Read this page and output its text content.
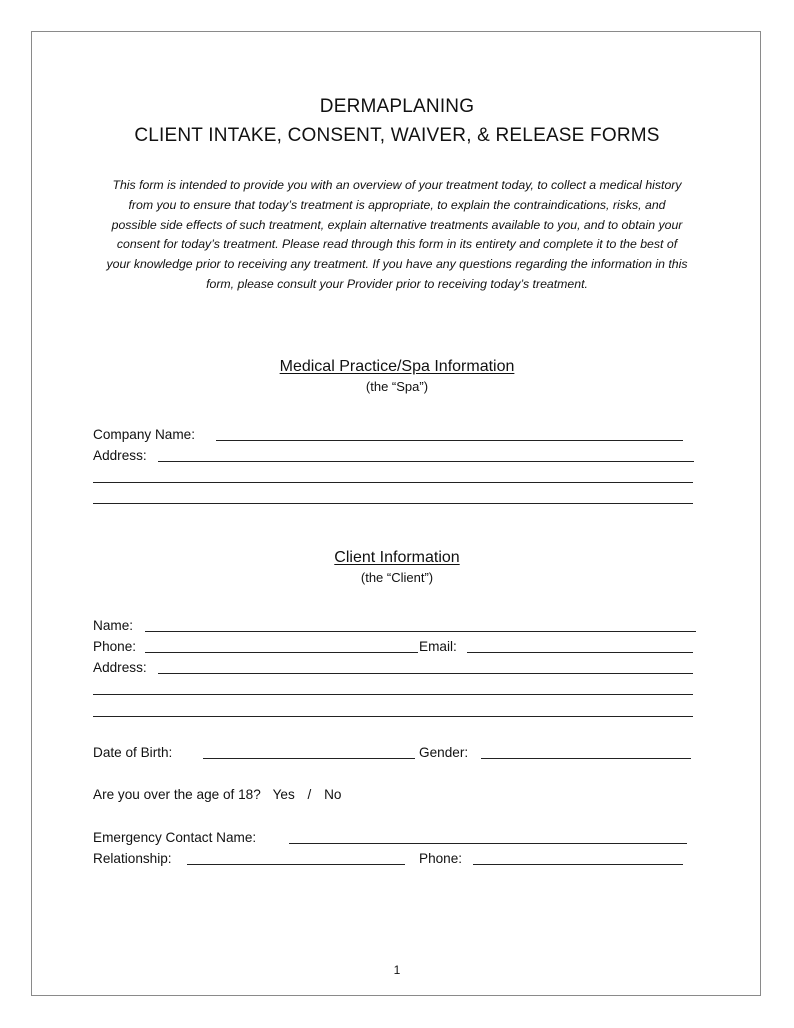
DERMAPLANING
CLIENT INTAKE, CONSENT, WAIVER, & RELEASE FORMS
This form is intended to provide you with an overview of your treatment today, to collect a medical history from you to ensure that today’s treatment is appropriate, to explain the contraindications, risks, and possible side effects of such treatment, explain alternative treatments available to you, and to obtain your consent for today’s treatment. Please read through this form in its entirety and complete it to the best of your knowledge prior to receiving any treatment. If you have any questions regarding the information in this form, please consult your Provider prior to receiving today’s treatment.
Medical Practice/Spa Information
(the “Spa”)
Company Name:
Address:
Client Information
(the “Client”)
Name:
Phone:	Email:
Address:
Date of Birth:	Gender:
Are you over the age of 18? Yes / No
Emergency Contact Name:
Relationship:	Phone:
1
